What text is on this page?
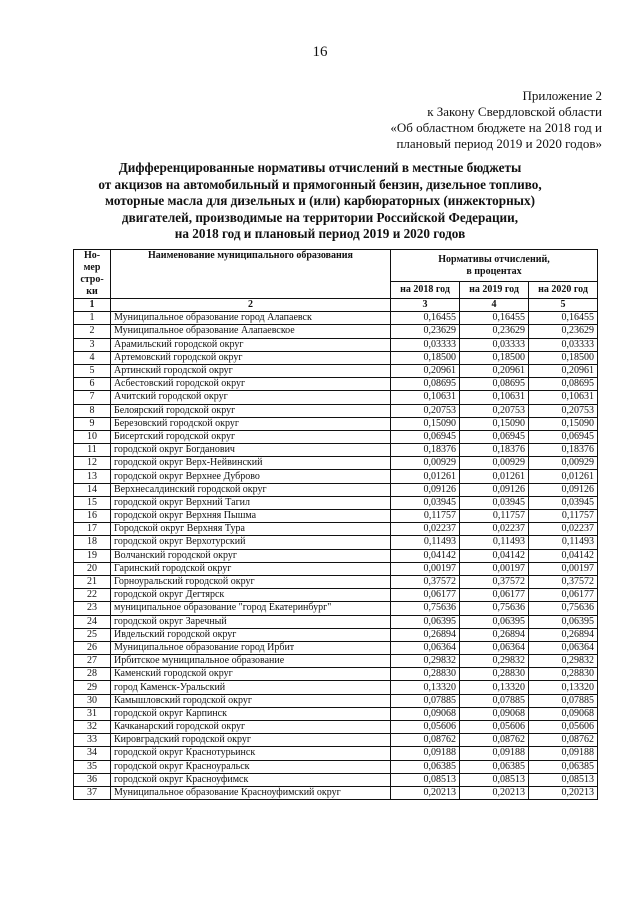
16
Приложение 2
к Закону Свердловской области
«Об областном бюджете на 2018 год и
плановый период 2019 и 2020 годов»
Дифференцированные нормативы отчислений в местные бюджеты
от акцизов на автомобильный и прямогонный бензин, дизельное топливо,
моторные масла для дизельных и (или) карбюраторных (инжекторных)
двигателей, производимые на территории Российской Федерации,
на 2018 год и плановый период 2019 и 2020 годов
Но-
мер
стро-
ки	Наименование муниципального образования	Нормативы отчислений,
в процентах		
		на 2018 год	на 2019 год	на 2020 год
1	2	3	4	5
1	Муниципальное образование город Алапаевск	0,16455	0,16455	0,16455
2	Муниципальное образование Алапаевское	0,23629	0,23629	0,23629
3	Арамильский городской округ	0,03333	0,03333	0,03333
4	Артемовский городской округ	0,18500	0,18500	0,18500
5	Артинский городской округ	0,20961	0,20961	0,20961
6	Асбестовский городской округ	0,08695	0,08695	0,08695
7	Ачитский городской округ	0,10631	0,10631	0,10631
8	Белоярский городской округ	0,20753	0,20753	0,20753
9	Березовский городской округ	0,15090	0,15090	0,15090
10	Бисертский городской округ	0,06945	0,06945	0,06945
11	городской округ Богданович	0,18376	0,18376	0,18376
12	городской округ Верх-Нейвинский	0,00929	0,00929	0,00929
13	городской округ Верхнее Дуброво	0,01261	0,01261	0,01261
14	Верхнесалдинский городской округ	0,09126	0,09126	0,09126
15	городской округ Верхний Тагил	0,03945	0,03945	0,03945
16	городской округ Верхняя Пышма	0,11757	0,11757	0,11757
17	Городской округ Верхняя Тура	0,02237	0,02237	0,02237
18	городской округ Верхотурский	0,11493	0,11493	0,11493
19	Волчанский городской округ	0,04142	0,04142	0,04142
20	Гаринский городской округ	0,00197	0,00197	0,00197
21	Горноуральский городской округ	0,37572	0,37572	0,37572
22	городской округ Дегтярск	0,06177	0,06177	0,06177
23	муниципальное образование "город Екатеринбург"	0,75636	0,75636	0,75636
24	городской округ Заречный	0,06395	0,06395	0,06395
25	Ивдельский городской округ	0,26894	0,26894	0,26894
26	Муниципальное образование город Ирбит	0,06364	0,06364	0,06364
27	Ирбитское муниципальное образование	0,29832	0,29832	0,29832
28	Каменский городской округ	0,28830	0,28830	0,28830
29	город Каменск-Уральский	0,13320	0,13320	0,13320
30	Камышловский городской округ	0,07885	0,07885	0,07885
31	городской округ Карпинск	0,09068	0,09068	0,09068
32	Качканарский городской округ	0,05606	0,05606	0,05606
33	Кировградский городской округ	0,08762	0,08762	0,08762
34	городской округ Краснотурьинск	0,09188	0,09188	0,09188
35	городской округ Красноуральск	0,06385	0,06385	0,06385
36	городской округ Красноуфимск	0,08513	0,08513	0,08513
37	Муниципальное образование Красноуфимский округ	0,20213	0,20213	0,20213
